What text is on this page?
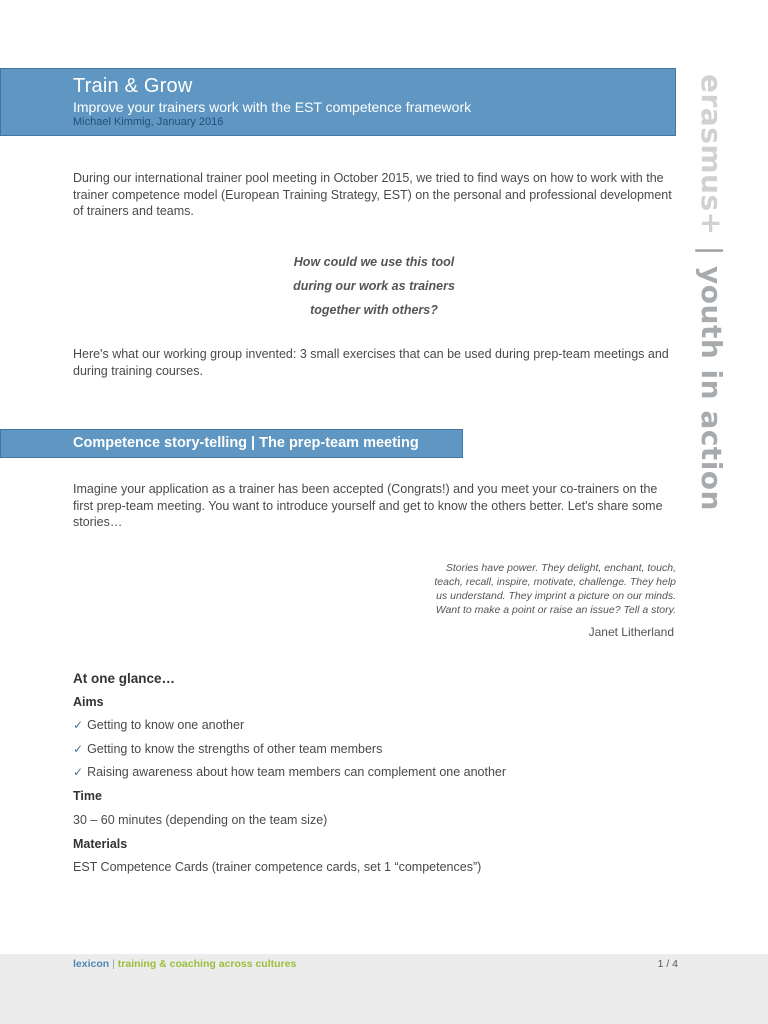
Train & Grow
Improve your trainers work with the EST competence framework
Michael Kimmig, January 2016	erasmus+ | youth in action
During our international trainer pool meeting in October 2015, we tried to find ways on how to work with the trainer competence model (European Training Strategy, EST) on the personal and professional development of trainers and teams.
How could we use this tool
during our work as trainers
together with others?
Here's what our working group invented: 3 small exercises that can be used during prep-team meetings and during training courses.
Competence story-telling | The prep-team meeting
Imagine your application as a trainer has been accepted (Congrats!) and you meet your co-trainers on the first prep-team meeting. You want to introduce yourself and get to know the others better. Let's share some stories…
Stories have power. They delight, enchant, touch,
teach, recall, inspire, motivate, challenge. They help
us understand. They imprint a picture on our minds.
Want to make a point or raise an issue? Tell a story.
Janet Litherland
At one glance…
Aims
✓ Getting to know one another
✓ Getting to know the strengths of other team members
✓ Raising awareness about how team members can complement one another
Time
30 – 60 minutes (depending on the team size)
Materials
EST Competence Cards (trainer competence cards, set 1 “competences”)
lexicon | training & coaching across cultures	1 / 4
